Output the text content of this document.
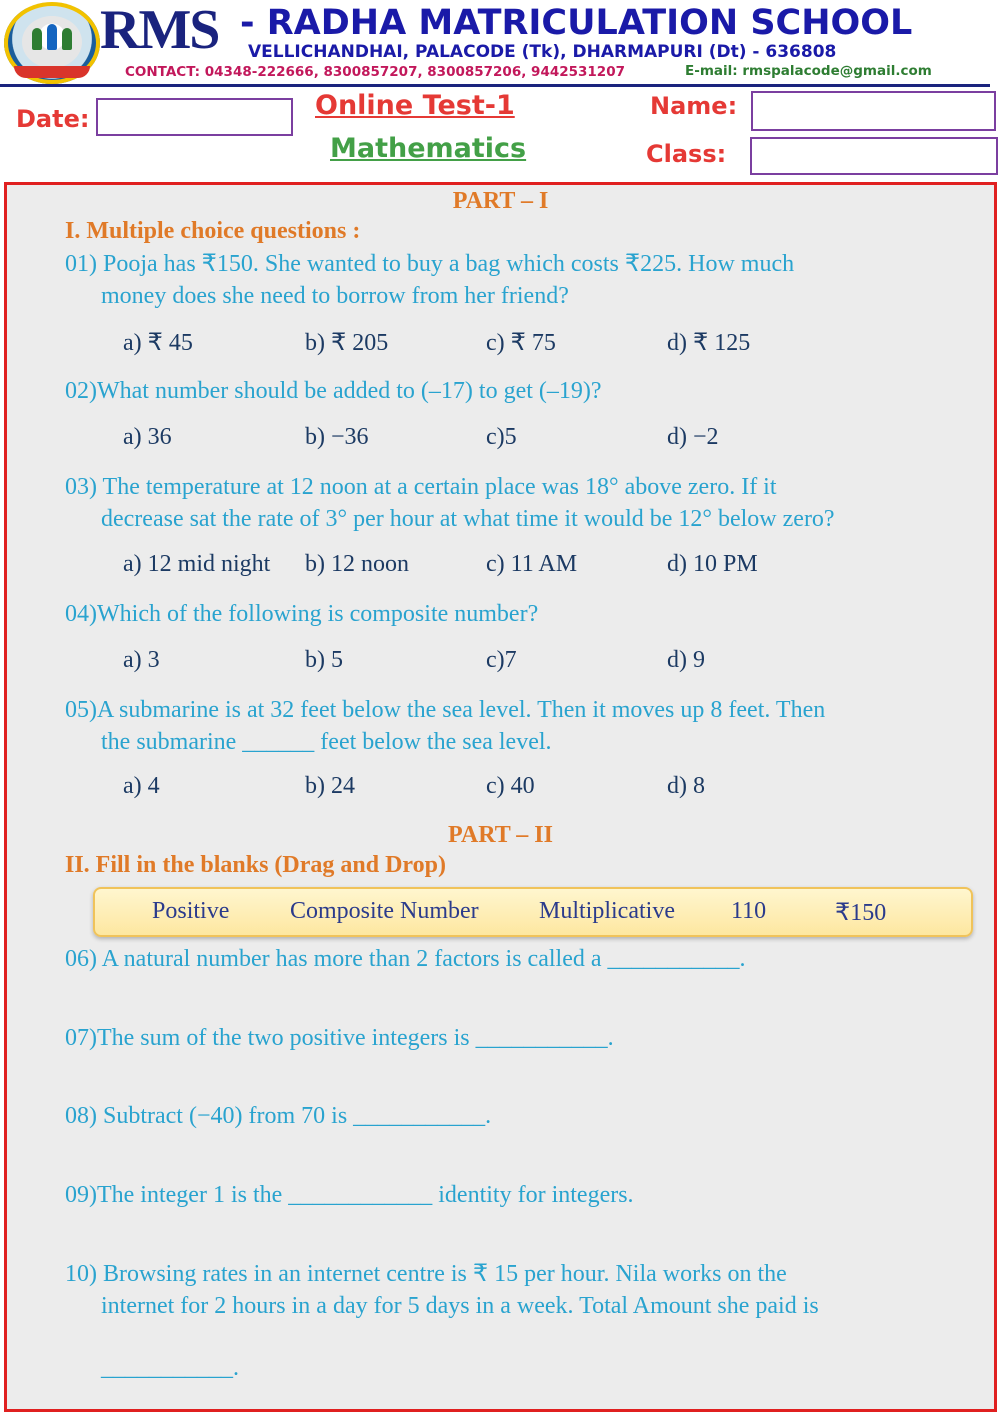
RMS - RADHA MATRICULATION SCHOOL
VELLICHANDHAI, PALACODE (Tk), DHARMAPURI (Dt) - 636808
CONTACT: 04348-222666, 8300857207, 8300857206, 9442531207	E-mail: rmspalacode@gmail.com
Date:	Online Test-1
Mathematics
Name:
Class:
PART – I
I. Multiple choice questions :
01) Pooja has ₹150. She wanted to buy a bag which costs ₹225. How much
money does she need to borrow from her friend?
a) ₹ 45	b) ₹ 205	c) ₹ 75	d) ₹ 125
02)What number should be added to (–17) to get (–19)?
a) 36	b) −36	c)5	d) −2
03) The temperature at 12 noon at a certain place was 18° above zero. If it
decrease sat the rate of 3° per hour at what time it would be 12° below zero?
a) 12 mid night b) 12 noon	c) 11 AM	d) 10 PM
04)Which of the following is composite number?
a) 3	b) 5	c)7	d) 9
05)A submarine is at 32 feet below the sea level. Then it moves up 8 feet. Then
the submarine ______ feet below the sea level.
a) 4	b) 24	c) 40	d) 8
PART – II
II. Fill in the blanks (Drag and Drop)
Positive	Composite Number	Multiplicative 110	₹150
06) A natural number has more than 2 factors is called a ___________.
07)The sum of the two positive integers is ___________.
08) Subtract (−40) from 70 is ___________.
09)The integer 1 is the ____________ identity for integers.
10) Browsing rates in an internet centre is ₹ 15 per hour. Nila works on the
internet for 2 hours in a day for 5 days in a week. Total Amount she paid is
___________.
